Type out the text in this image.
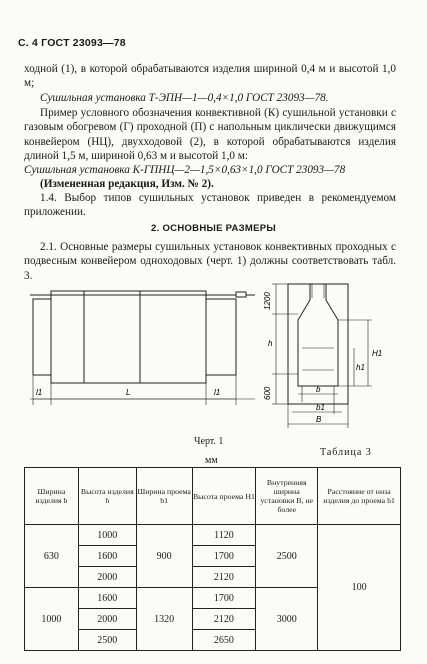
С. 4 ГОСТ 23093—78
ходной (1), в которой обрабатываются изделия шириной 0,4 м и высотой 1,0 м;
Сушильная установка Т-ЭПН—1—0,4×1,0 ГОСТ 23093—78.
Пример условного обозначения конвективной (К) сушильной установки с газовым обогревом (Г) проходной (П) с напольным циклически движущимся конвейером (НЦ), двухходовой (2), в которой обрабатываются изделия длиной 1,5 м, шириной 0,63 м и высотой 1,0 м:
Сушильная установка К-ГПНЦ—2—1,5×0,63×1,0 ГОСТ 23093—78
(Измененная редакция, Изм. № 2).
1.4. Выбор типов сушильных установок приведен в рекомендуемом приложении.
2. ОСНОВНЫЕ РАЗМЕРЫ
2.1. Основные размеры сушильных установок конвективных проходных с подвесным конвейером одноходовых (черт. 1) должны соответствовать табл. 3.
l1	L	l1
1200
h
600
H1
h1
b
b1
B
Черт. 1
Таблица 3
мм
Ширина изделия b	Высота изделия h	Ширина проема b1	Высота проема H1	Внутренняя ширина установки B, не более	Расстояние от низа изделия до проема h1
630	1000	900	1120	2500	100
	1600		1700		
	2000		2120		
1000	1600	1320	1700	3000	
	2000		2120		
	2500		2650		
